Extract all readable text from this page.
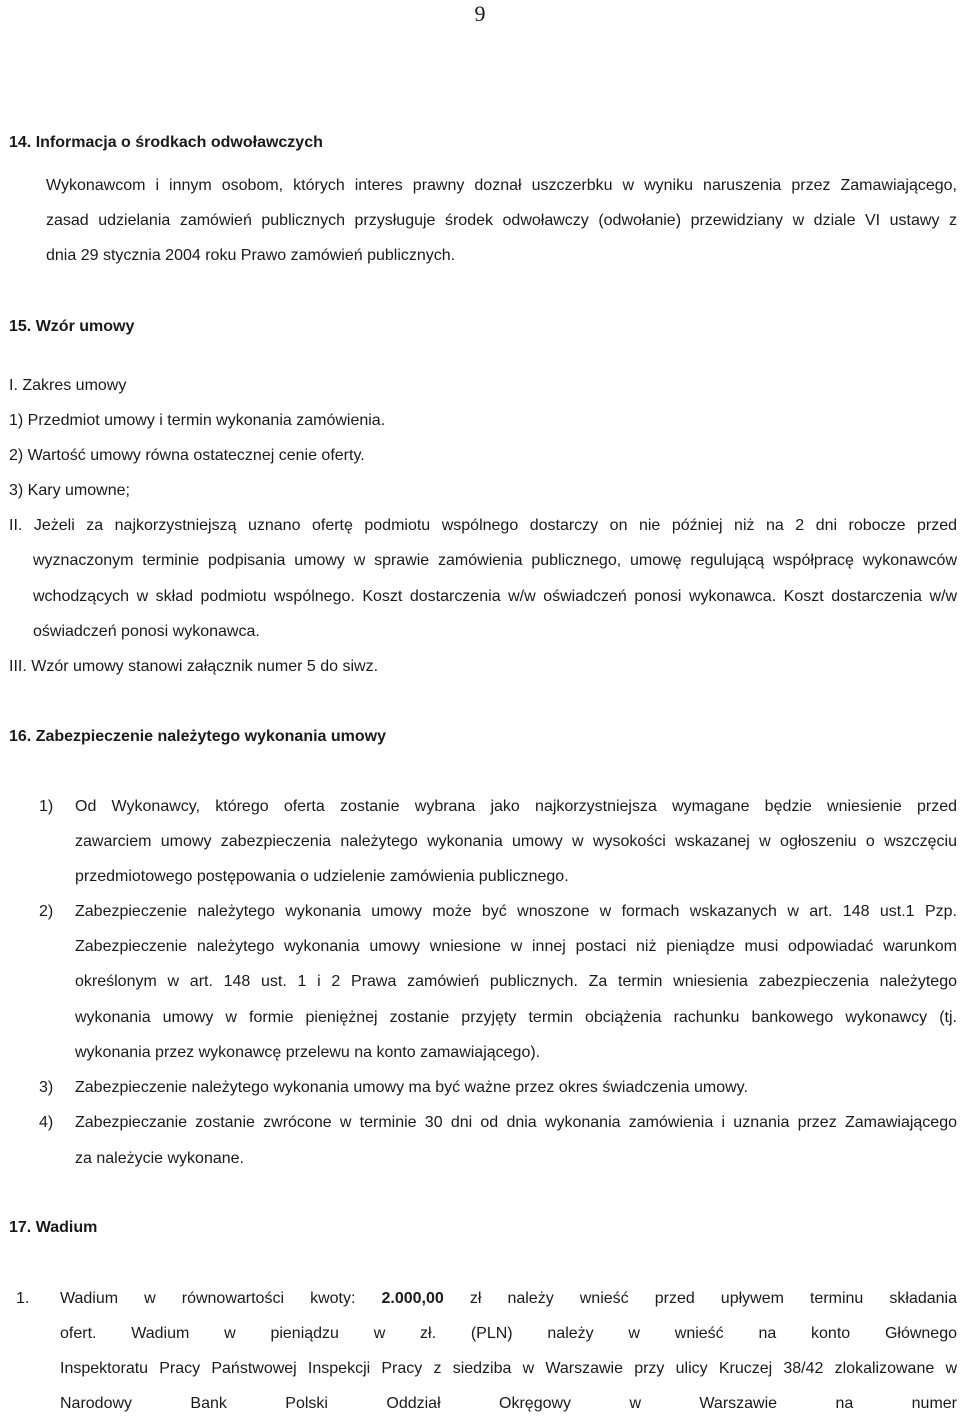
9
14. Informacja o środkach odwoławczych
Wykonawcom i innym osobom, których interes prawny doznał uszczerbku w wyniku naruszenia przez Zamawiającego,
zasad udzielania zamówień publicznych przysługuje środek odwoławczy (odwołanie) przewidziany w dziale VI ustawy z
dnia 29 stycznia 2004 roku Prawo zamówień publicznych.
15. Wzór umowy
I. Zakres umowy
1) Przedmiot umowy i termin wykonania zamówienia.
2) Wartość umowy równa ostatecznej cenie oferty.
3) Kary umowne;
II. Jeżeli za najkorzystniejszą uznano ofertę podmiotu wspólnego dostarczy on nie później niż na 2 dni robocze przed
wyznaczonym terminie podpisania umowy w sprawie zamówienia publicznego, umowę regulującą współpracę wykonawców
wchodzących w skład podmiotu wspólnego. Koszt dostarczenia w/w oświadczeń ponosi wykonawca. Koszt dostarczenia w/w
oświadczeń ponosi wykonawca.
III. Wzór umowy stanowi załącznik numer 5 do siwz.
16. Zabezpieczenie należytego wykonania umowy
1) Od Wykonawcy, którego oferta zostanie wybrana jako najkorzystniejsza wymagane będzie wniesienie przed
zawarciem umowy zabezpieczenia należytego wykonania umowy w wysokości wskazanej w ogłoszeniu o wszczęciu
przedmiotowego postępowania o udzielenie zamówienia publicznego.
2) Zabezpieczenie należytego wykonania umowy może być wnoszone w formach wskazanych w art. 148 ust.1 Pzp.
Zabezpieczenie należytego wykonania umowy wniesione w innej postaci niż pieniądze musi odpowiadać warunkom
określonym w art. 148 ust. 1 i 2 Prawa zamówień publicznych. Za termin wniesienia zabezpieczenia należytego
wykonania umowy w formie pieniężnej zostanie przyjęty termin obciążenia rachunku bankowego wykonawcy (tj.
wykonania przez wykonawcę przelewu na konto zamawiającego).
3) Zabezpieczenie należytego wykonania umowy ma być ważne przez okres świadczenia umowy.
4) Zabezpieczanie zostanie zwrócone w terminie 30 dni od dnia wykonania zamówienia i uznania przez Zamawiającego
za należycie wykonane.
17. Wadium
1. Wadium w równowartości kwoty: 2.000,00 zł należy wnieść przed upływem terminu składania
ofert. Wadium w pieniądzu w zł. (PLN) należy w wnieść na konto Głównego
Inspektoratu Pracy Państwowej Inspekcji Pracy z siedziba w Warszawie przy ulicy Kruczej 38/42 zlokalizowane w
Narodowy Bank Polski Oddział Okręgowy w Warszawie na numer
